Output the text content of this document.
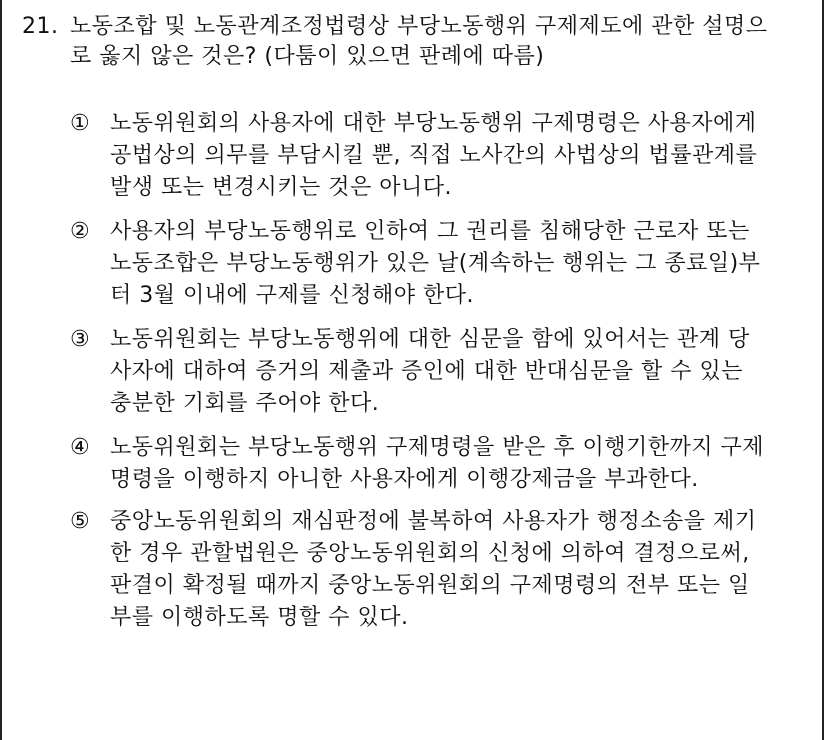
21. 노동조합 및 노동관계조정법령상 부당노동행위 구제제도에 관한 설명으로 옳지 않은 것은? (다툼이 있으면 판례에 따름)
① 노동위원회의 사용자에 대한 부당노동행위 구제명령은 사용자에게 공법상의 의무를 부담시킬 뿐, 직접 노사간의 사법상의 법률관계를 발생 또는 변경시키는 것은 아니다.
② 사용자의 부당노동행위로 인하여 그 권리를 침해당한 근로자 또는 노동조합은 부당노동행위가 있은 날(계속하는 행위는 그 종료일)부터 3월 이내에 구제를 신청해야 한다.
③ 노동위원회는 부당노동행위에 대한 심문을 함에 있어서는 관계 당사자에 대하여 증거의 제출과 증인에 대한 반대심문을 할 수 있는 충분한 기회를 주어야 한다.
④ 노동위원회는 부당노동행위 구제명령을 받은 후 이행기한까지 구제명령을 이행하지 아니한 사용자에게 이행강제금을 부과한다.
⑤ 중앙노동위원회의 재심판정에 불복하여 사용자가 행정소송을 제기한 경우 관할법원은 중앙노동위원회의 신청에 의하여 결정으로써, 판결이 확정될 때까지 중앙노동위원회의 구제명령의 전부 또는 일부를 이행하도록 명할 수 있다.
